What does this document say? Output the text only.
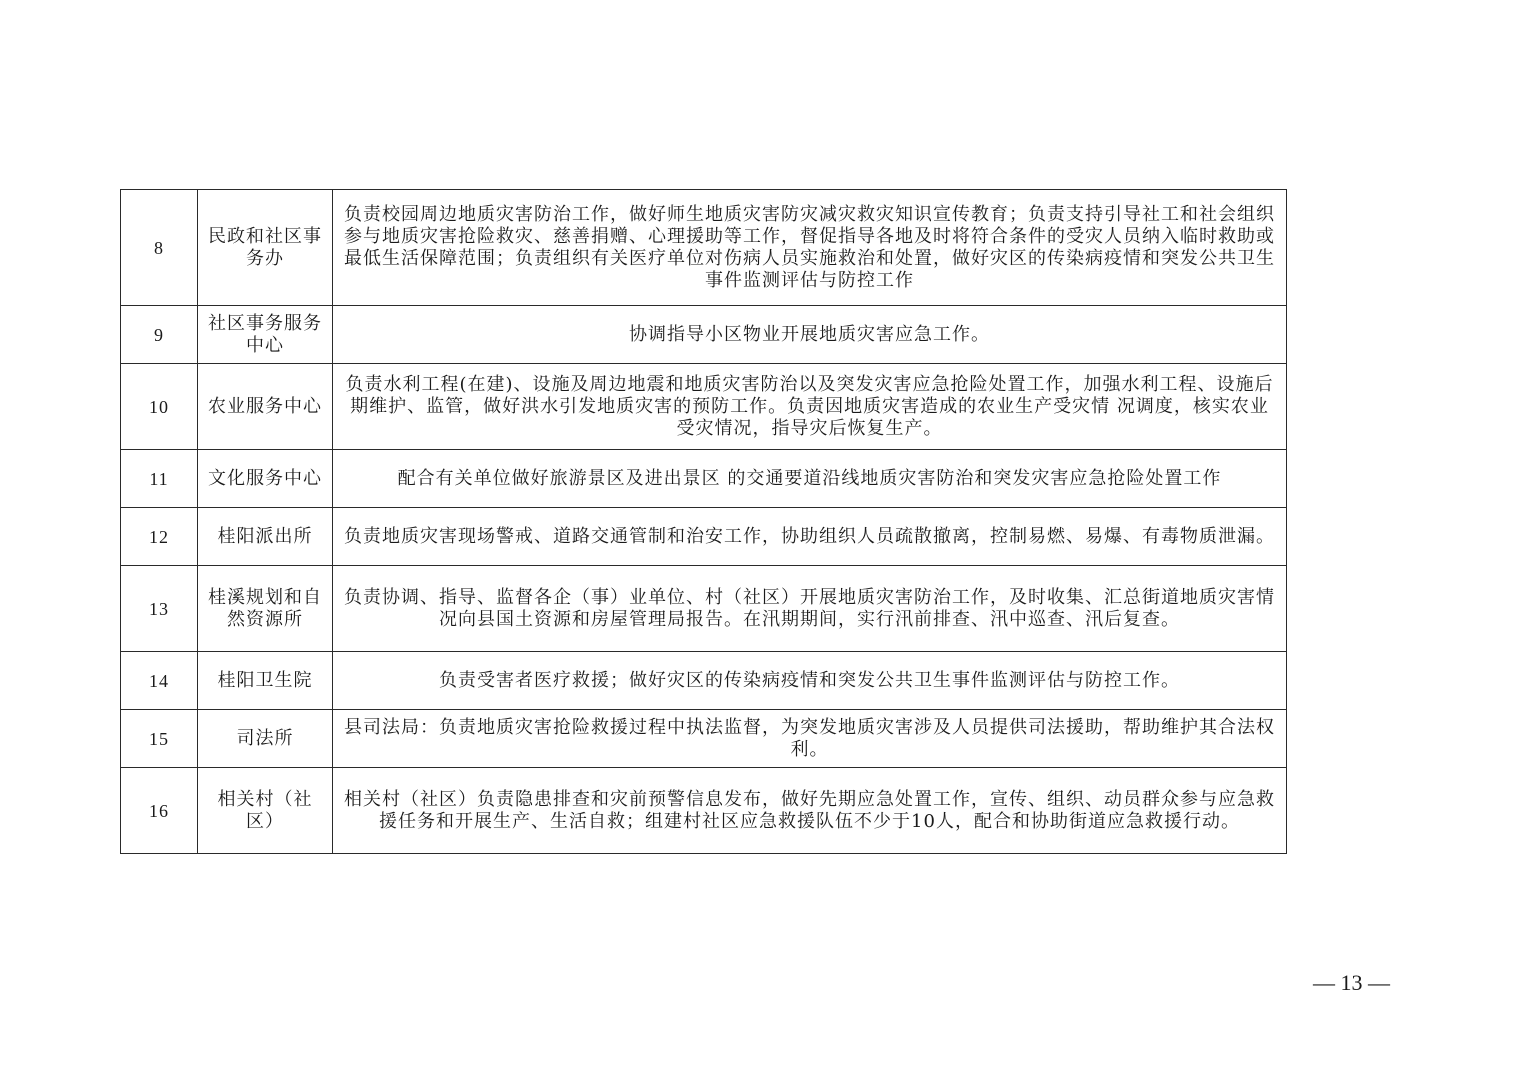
8	民政和社区事务办	负责校园周边地质灾害防治工作，做好师生地质灾害防灾减灾救灾知识宣传教育；负责支持引导社工和社会组织参与地质灾害抢险救灾、慈善捐赠、心理援助等工作，督促指导各地及时将符合条件的受灾人员纳入临时救助或最低生活保障范围；负责组织有关医疗单位对伤病人员实施救治和处置，做好灾区的传染病疫情和突发公共卫生事件监测评估与防控工作
9	社区事务服务中心	协调指导小区物业开展地质灾害应急工作。
10	农业服务中心	负责水利工程(在建)、设施及周边地震和地质灾害防治以及突发灾害应急抢险处置工作，加强水利工程、设施后期维护、监管，做好洪水引发地质灾害的预防工作。负责因地质灾害造成的农业生产受灾情 况调度，核实农业受灾情况，指导灾后恢复生产。
11	文化服务中心	配合有关单位做好旅游景区及进出景区 的交通要道沿线地质灾害防治和突发灾害应急抢险处置工作
12	桂阳派出所	负责地质灾害现场警戒、道路交通管制和治安工作，协助组织人员疏散撤离，控制易燃、易爆、有毒物质泄漏。
13	桂溪规划和自然资源所	负责协调、指导、监督各企（事）业单位、村（社区）开展地质灾害防治工作，及时收集、汇总街道地质灾害情况向县国土资源和房屋管理局报告。在汛期期间，实行汛前排查、汛中巡查、汛后复查。
14	桂阳卫生院	负责受害者医疗救援；做好灾区的传染病疫情和突发公共卫生事件监测评估与防控工作。
15	司法所	县司法局：负责地质灾害抢险救援过程中执法监督，为突发地质灾害涉及人员提供司法援助，帮助维护其合法权利。
16	相关村（社区）	相关村（社区）负责隐患排查和灾前预警信息发布，做好先期应急处置工作，宣传、组织、动员群众参与应急救援任务和开展生产、生活自救；组建村社区应急救援队伍不少于10人，配合和协助街道应急救援行动。
— 13 —
